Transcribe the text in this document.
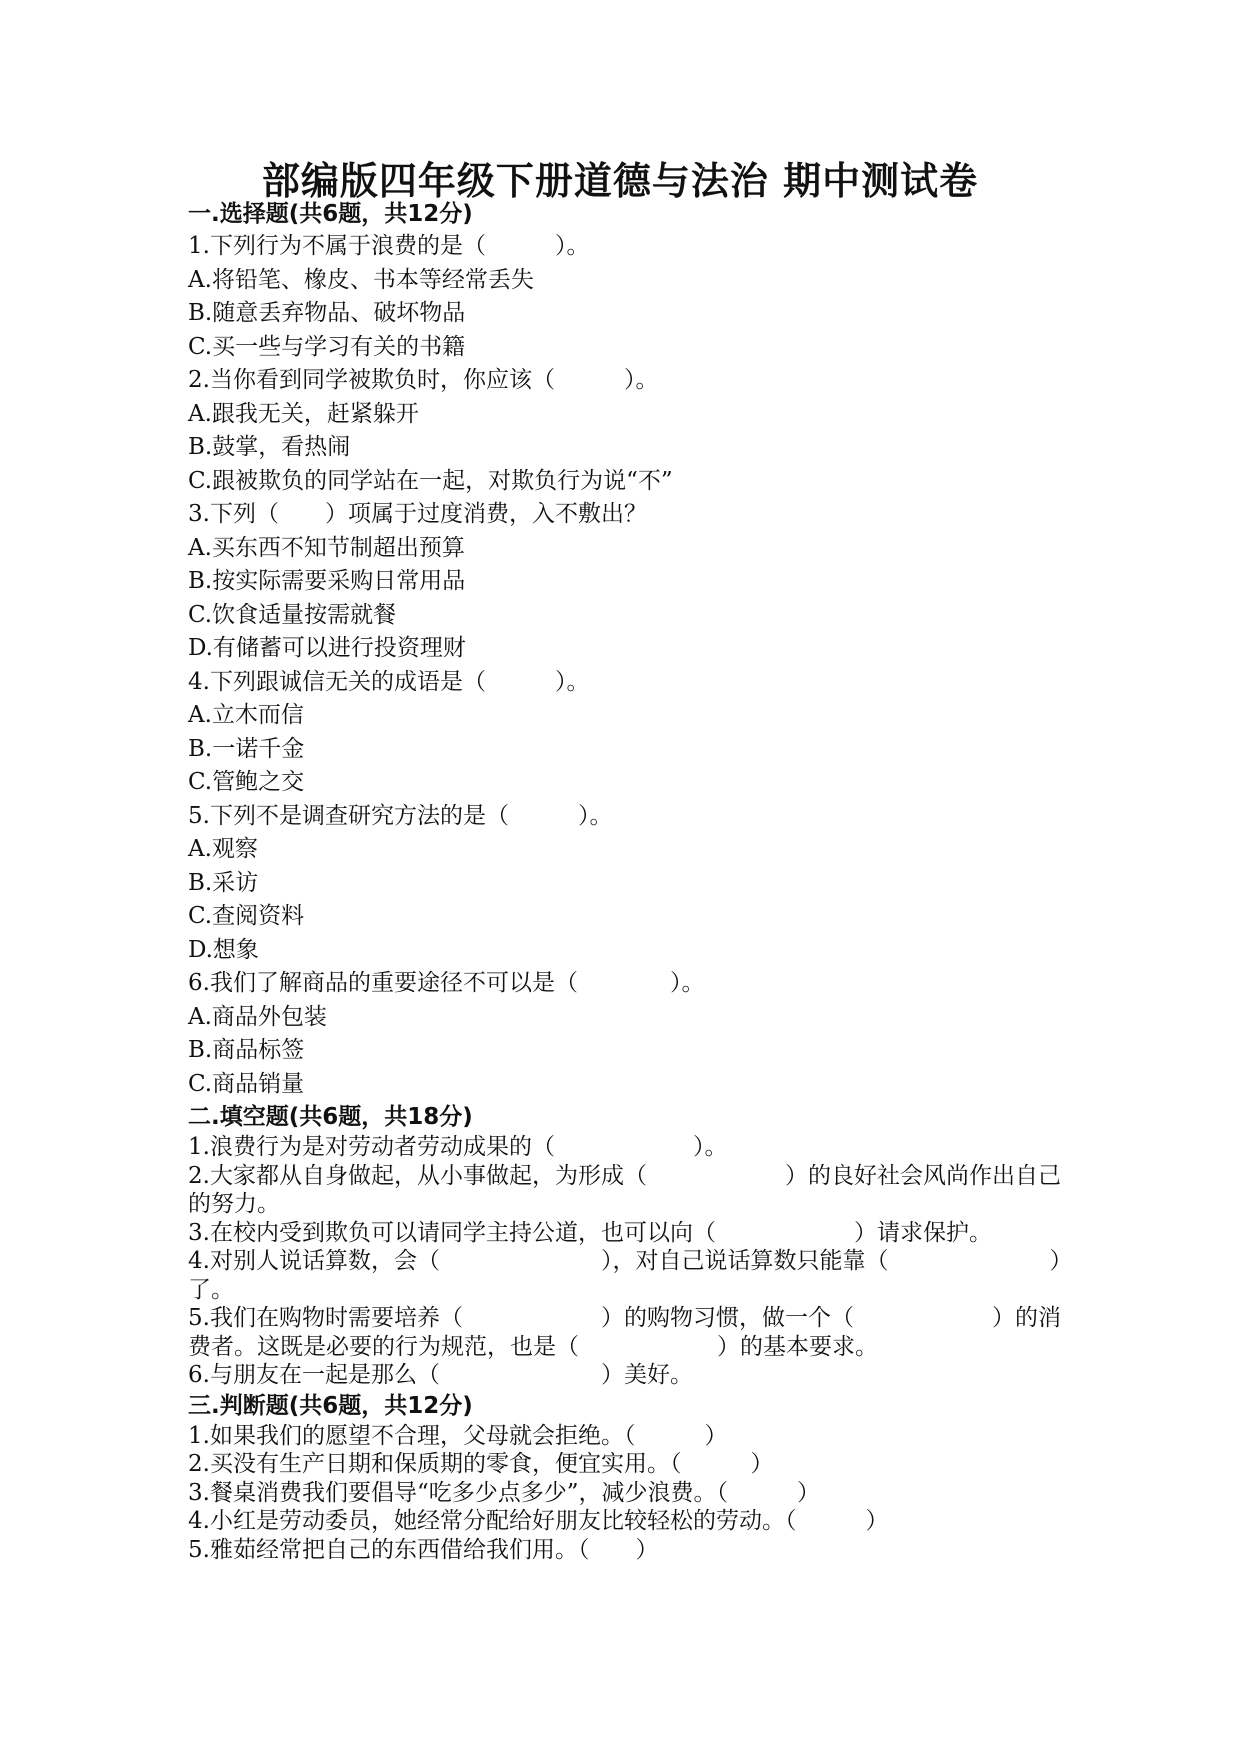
部编版四年级下册道德与法治 期中测试卷
一.选择题(共6题，共12分)
1.下列行为不属于浪费的是（　　　）。
A.将铅笔、橡皮、书本等经常丢失
B.随意丢弃物品、破坏物品
C.买一些与学习有关的书籍
2.当你看到同学被欺负时，你应该（　　　）。
A.跟我无关，赶紧躲开
B.鼓掌，看热闹
C.跟被欺负的同学站在一起，对欺负行为说“不”
3.下列（　　）项属于过度消费，入不敷出？
A.买东西不知节制超出预算
B.按实际需要采购日常用品
C.饮食适量按需就餐
D.有储蓄可以进行投资理财
4.下列跟诚信无关的成语是（　　　）。
A.立木而信
B.一诺千金
C.管鲍之交
5.下列不是调查研究方法的是（　　　）。
A.观察
B.采访
C.查阅资料
D.想象
6.我们了解商品的重要途径不可以是（　　　　）。
A.商品外包装
B.商品标签
C.商品销量
二.填空题(共6题，共18分)

1.浪费行为是对劳动者劳动成果的（　　　　　　）。

2.大家都从自身做起，从小事做起，为形成（　　　　　　）的良好社会风尚作出自己的努力。

3.在校内受到欺负可以请同学主持公道，也可以向（　　　　　　）请求保护。

4.对别人说话算数，会（　　　　　　　），对自己说话算数只能靠（　　　　　　　）了。

5.我们在购物时需要培养（　　　　　　）的购物习惯，做一个（　　　　　　）的消费者。这既是必要的行为规范，也是（　　　　　　）的基本要求。

6.与朋友在一起是那么（　　　　　　　）美好。

三.判断题(共6题，共12分)
1.如果我们的愿望不合理，父母就会拒绝。（　　　）
2.买没有生产日期和保质期的零食，便宜实用。（　　　）
3.餐桌消费我们要倡导“吃多少点多少”，减少浪费。（　　　）
4.小红是劳动委员，她经常分配给好朋友比较轻松的劳动。（　　　）
5.雅茹经常把自己的东西借给我们用。（　　）
